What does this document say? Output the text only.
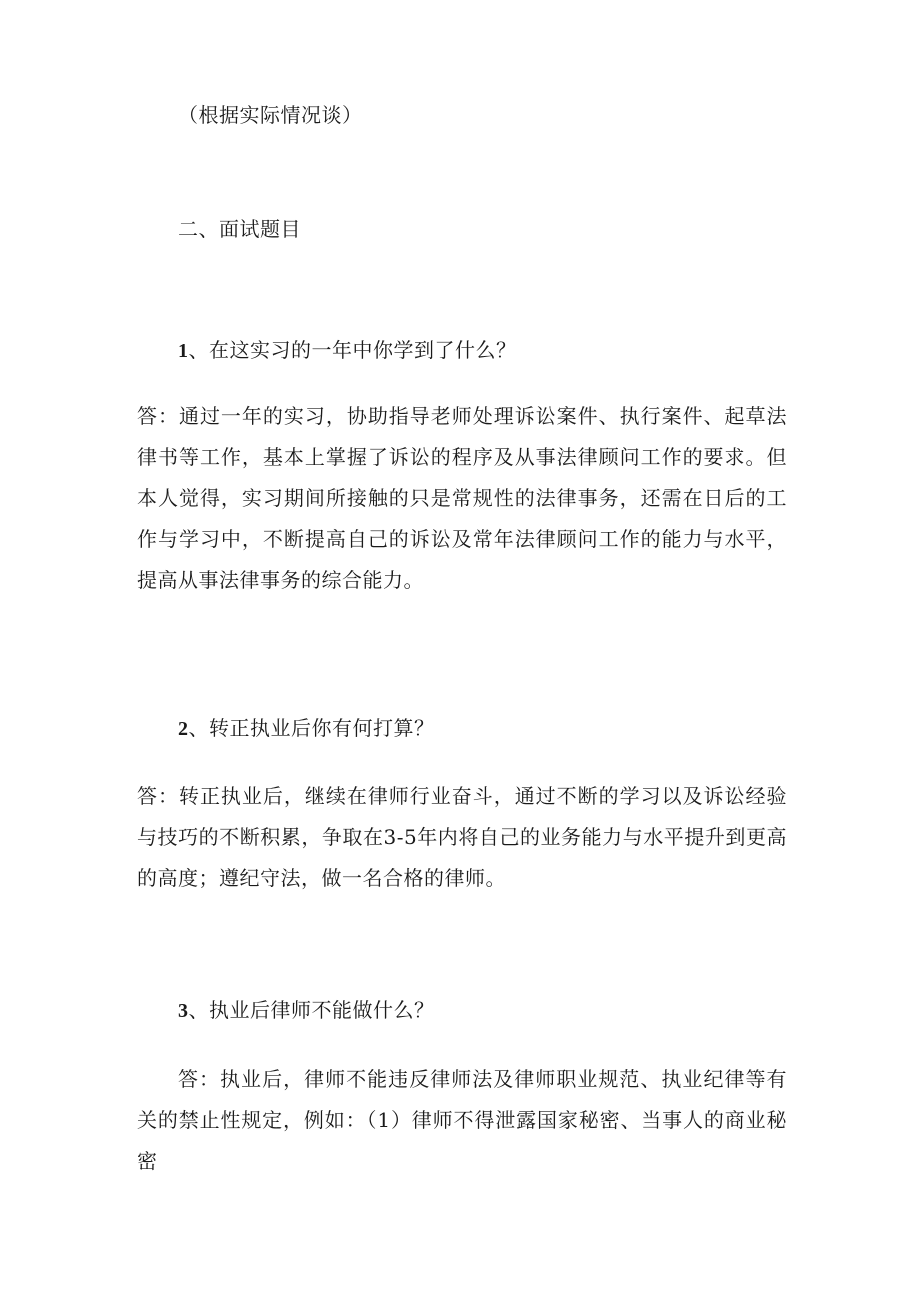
（根据实际情况谈）
二、面试题目
1、在这实习的一年中你学到了什么？
答：通过一年的实习，协助指导老师处理诉讼案件、执行案件、起草法律书等工作，基本上掌握了诉讼的程序及从事法律顾问工作的要求。但本人觉得，实习期间所接触的只是常规性的法律事务，还需在日后的工作与学习中，不断提高自己的诉讼及常年法律顾问工作的能力与水平，提高从事法律事务的综合能力。
2、转正执业后你有何打算？
答：转正执业后，继续在律师行业奋斗，通过不断的学习以及诉讼经验与技巧的不断积累，争取在3-5年内将自己的业务能力与水平提升到更高的高度；遵纪守法，做一名合格的律师。
3、执业后律师不能做什么？
答：执业后，律师不能违反律师法及律师职业规范、执业纪律等有关的禁止性规定，例如：（1）律师不得泄露国家秘密、当事人的商业秘密
